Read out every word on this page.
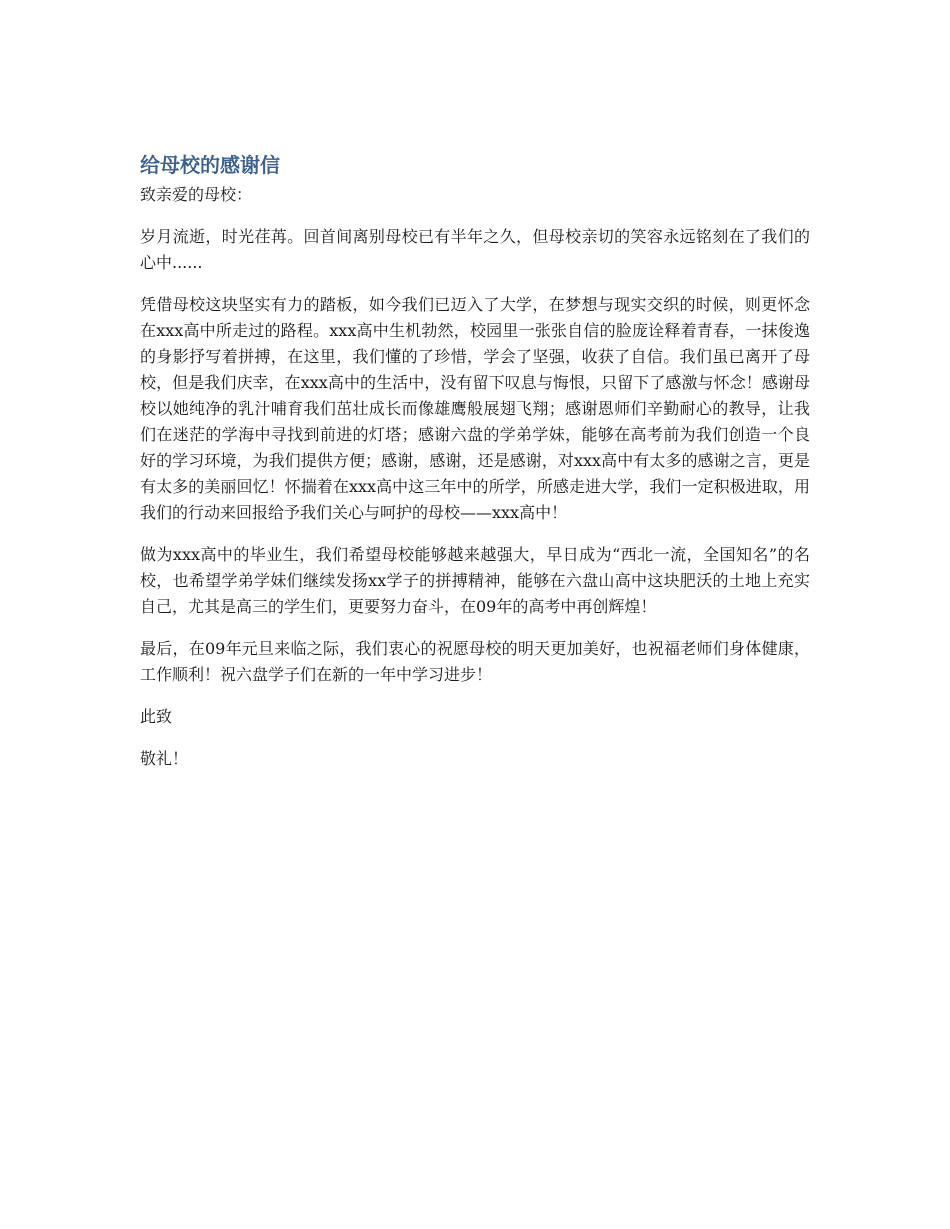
给母校的感谢信

致亲爱的母校：

岁月流逝，时光荏苒。回首间离别母校已有半年之久，但母校亲切的笑容永远铭刻在了我们的心中......

凭借母校这块坚实有力的踏板，如今我们已迈入了大学，在梦想与现实交织的时候，则更怀念在xxx高中所走过的路程。xxx高中生机勃然，校园里一张张自信的脸庞诠释着青春，一抹俊逸的身影抒写着拼搏，在这里，我们懂的了珍惜，学会了坚强，收获了自信。我们虽已离开了母校，但是我们庆幸，在xxx高中的生活中，没有留下叹息与悔恨，只留下了感激与怀念！感谢母校以她纯净的乳汁哺育我们茁壮成长而像雄鹰般展翅飞翔；感谢恩师们辛勤耐心的教导，让我们在迷茫的学海中寻找到前进的灯塔；感谢六盘的学弟学妹，能够在高考前为我们创造一个良好的学习环境，为我们提供方便；感谢，感谢，还是感谢，对xxx高中有太多的感谢之言，更是有太多的美丽回忆！怀揣着在xxx高中这三年中的所学，所感走进大学，我们一定积极进取，用我们的行动来回报给予我们关心与呵护的母校——xxx高中！

做为xxx高中的毕业生，我们希望母校能够越来越强大，早日成为“西北一流，全国知名”的名校，也希望学弟学妹们继续发扬xx学子的拼搏精神，能够在六盘山高中这块肥沃的土地上充实自己，尤其是高三的学生们，更要努力奋斗，在09年的高考中再创辉煌！

最后，在09年元旦来临之际，我们衷心的祝愿母校的明天更加美好，也祝福老师们身体健康，工作顺利！祝六盘学子们在新的一年中学习进步！

此致

敬礼！
